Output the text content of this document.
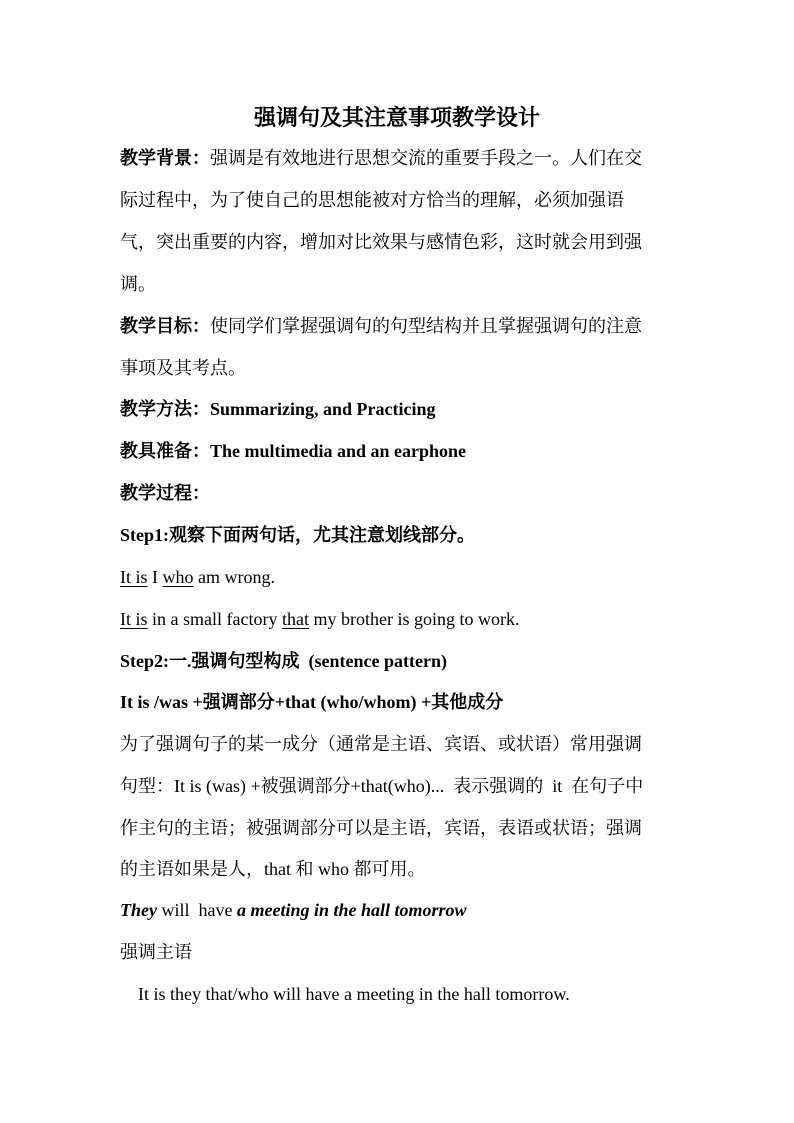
强调句及其注意事项教学设计
教学背景：强调是有效地进行思想交流的重要手段之一。人们在交
际过程中，为了使自己的思想能被对方恰当的理解，必须加强语
气，突出重要的内容，增加对比效果与感情色彩，这时就会用到强
调。
教学目标：使同学们掌握强调句的句型结构并且掌握强调句的注意
事项及其考点。
教学方法：Summarizing, and Practicing
教具准备：The multimedia and an earphone
教学过程：
Step1:观察下面两句话，尤其注意划线部分。
It is I who am wrong.
It is in a small factory that my brother is going to work.
Step2:一.强调句型构成  (sentence pattern)
It is /was +强调部分+that (who/whom) +其他成分
为了强调句子的某一成分（通常是主语、宾语、或状语）常用强调
句型：It is (was) +被强调部分+that(who)...  表示强调的  it  在句子中
作主句的主语；被强调部分可以是主语，宾语，表语或状语；强调
的主语如果是人，that 和 who 都可用。
They will  have a meeting in the hall tomorrow
强调主语
It is they that/who will have a meeting in the hall tomorrow.
